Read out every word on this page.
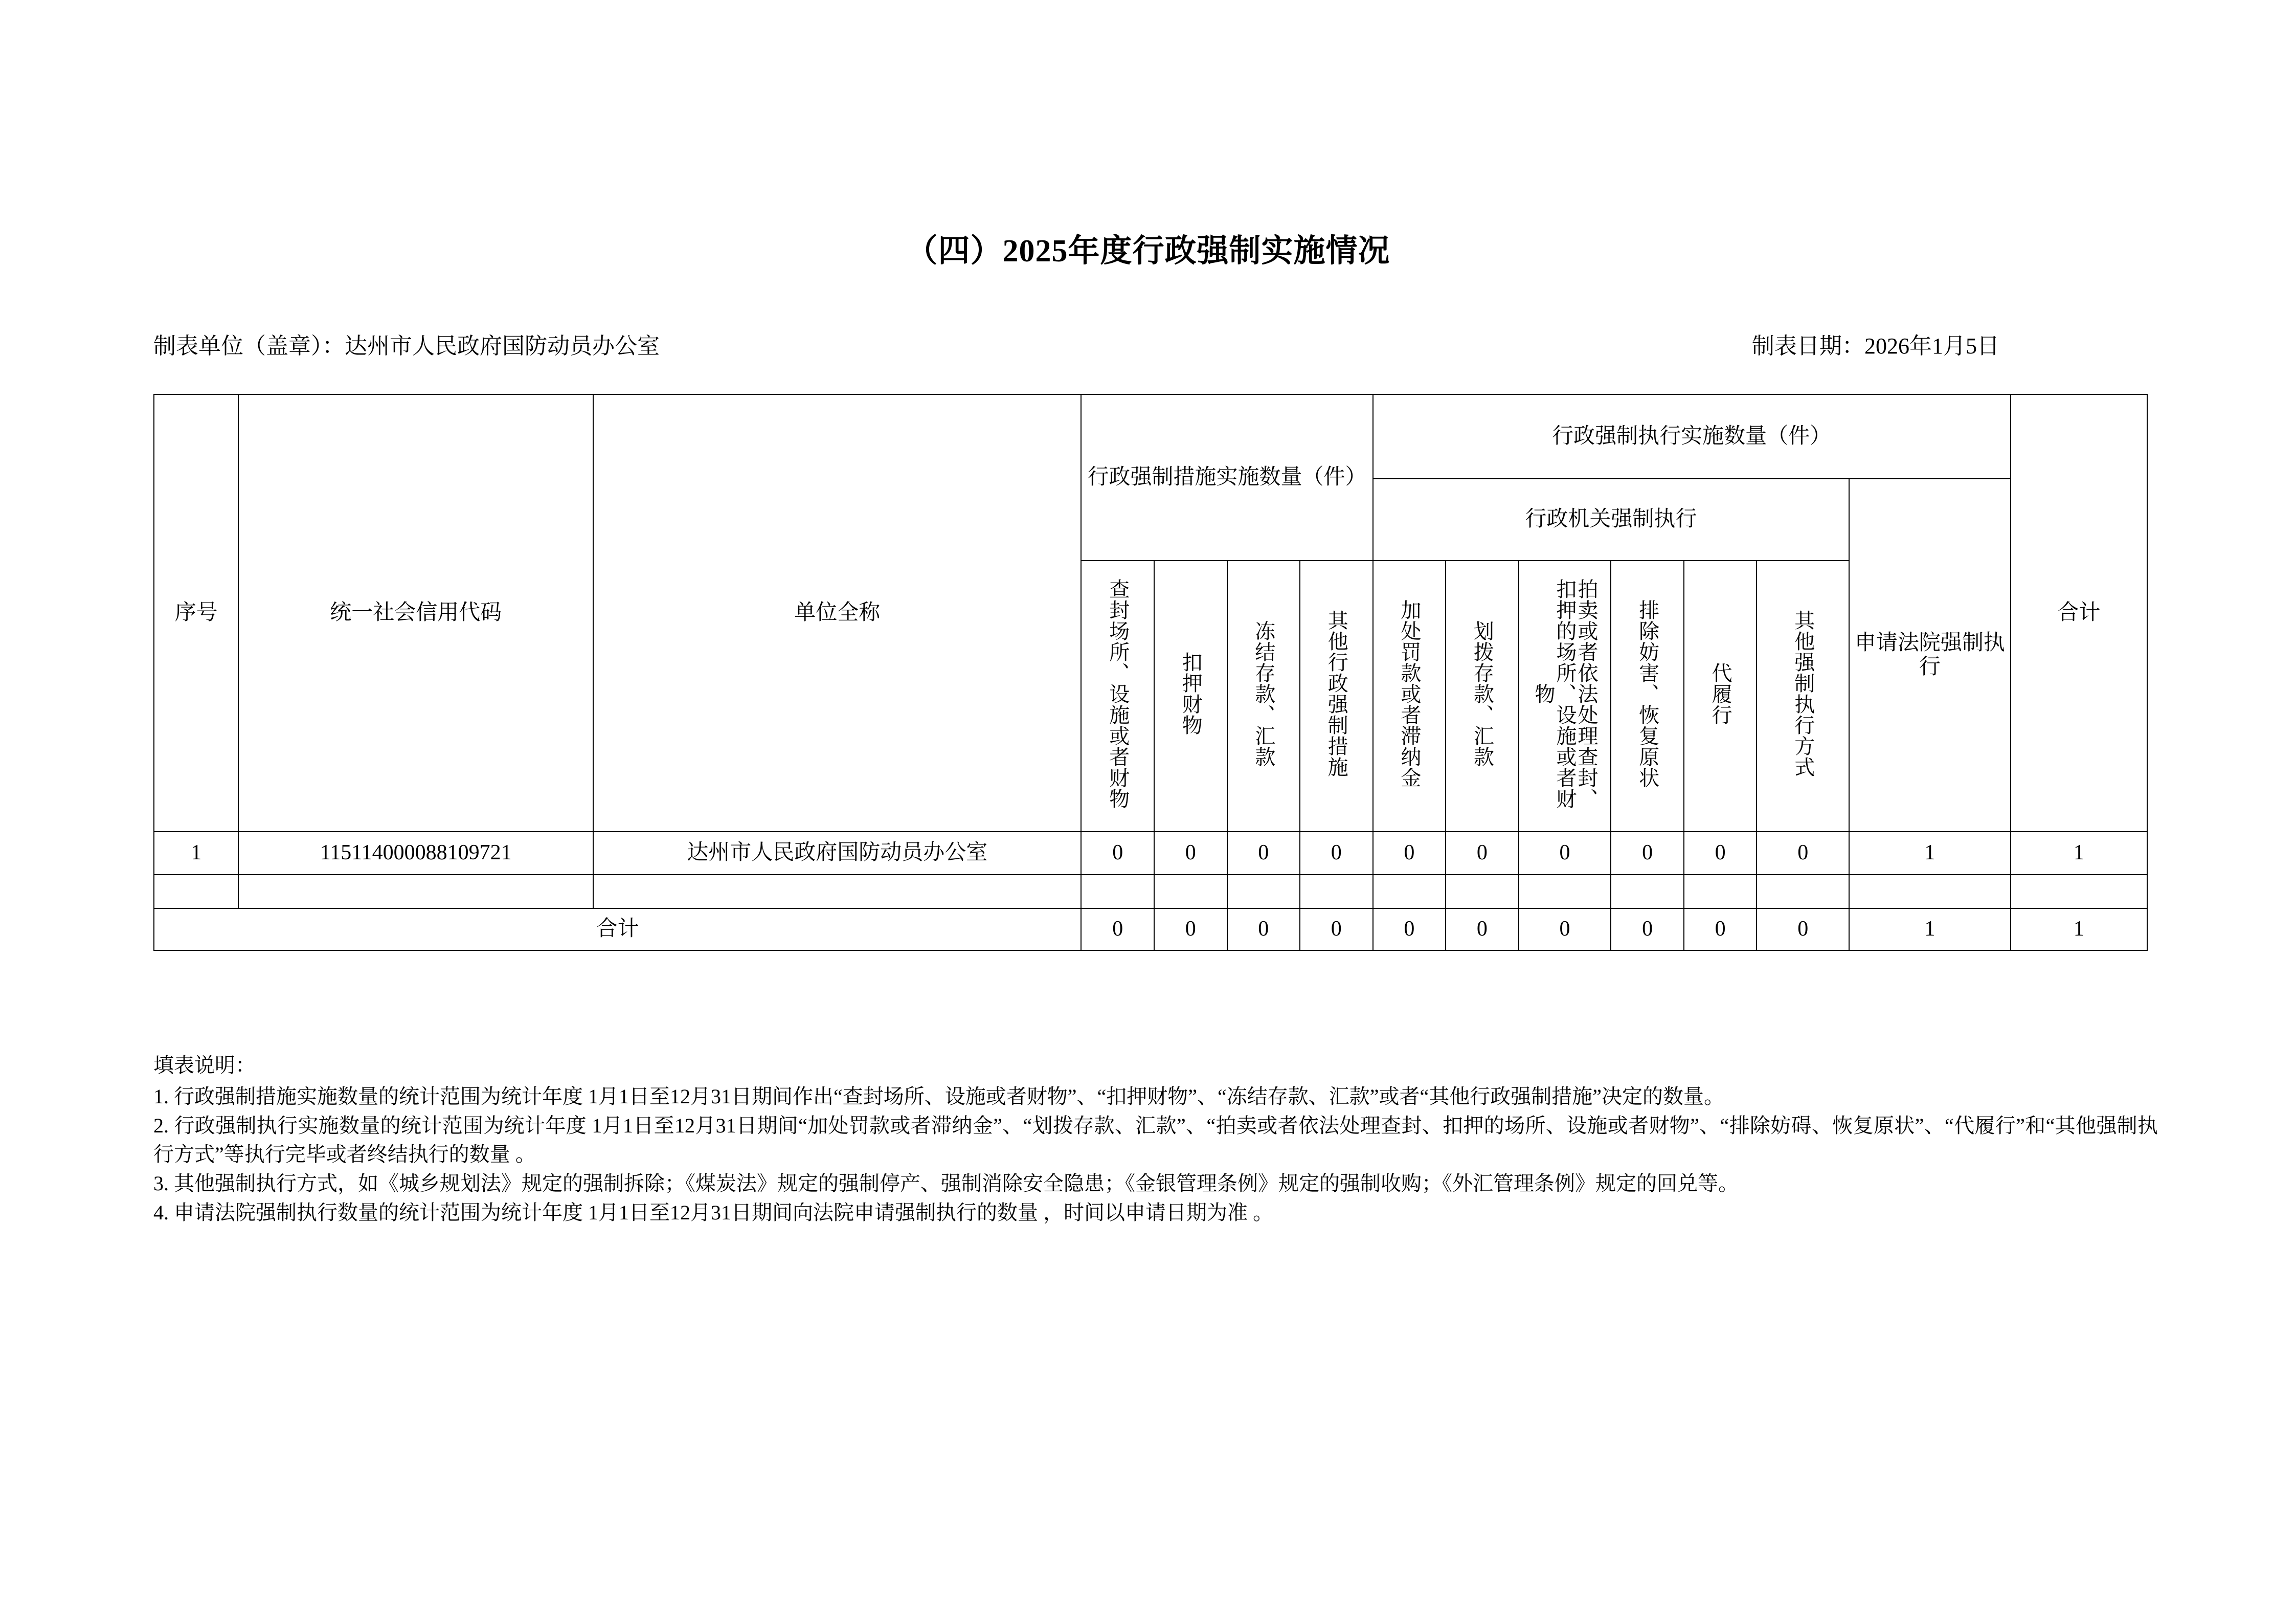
（四）2025年度行政强制实施情况
制表单位（盖章）：达州市人民政府国防动员办公室	制表日期：2026年1月5日
序号	统一社会信用代码	单位全称	行政强制措施实施数量（件）				行政强制执行实施数量（件）							合计
							行政机关强制执行						申请法院强制执行	

			查封场所、设施或者财物	扣押财物	冻结存款、汇款	其他行政强制措施	加处罚款或者滞纳金	划拨存款、汇款	拍卖或者依法处理查封、扣押的场所、设施或者财物	排除妨害、恢复原状	代履行	其他强制执行方式		
1	115114000088109721	达州市人民政府国防动员办公室	0	0	0	0	0	0	0	0	0	0	1	1

合计			0	0	0	0	0	0	0	0	0	0	1	1

填表说明：

1. 行政强制措施实施数量的统计范围为统计年度 1月1日至12月31日期间作出“查封场所、设施或者财物”、“扣押财物”、“冻结存款、汇款”或者“其他行政强制措施”决定的数量。

2. 行政强制执行实施数量的统计范围为统计年度 1月1日至12月31日期间“加处罚款或者滞纳金”、“划拨存款、汇款”、“拍卖或者依法处理查封、扣押的场所、设施或者财物”、“排除妨碍、恢复原状”、“代履行”和“其他强制执行方式”等执行完毕或者终结执行的数量 。

3. 其他强制执行方式，如《城乡规划法》规定的强制拆除；《煤炭法》规定的强制停产、强制消除安全隐患；《金银管理条例》规定的强制收购；《外汇管理条例》规定的回兑等。

4. 申请法院强制执行数量的统计范围为统计年度 1月1日至12月31日期间向法院申请强制执行的数量 ，时间以申请日期为准 。
